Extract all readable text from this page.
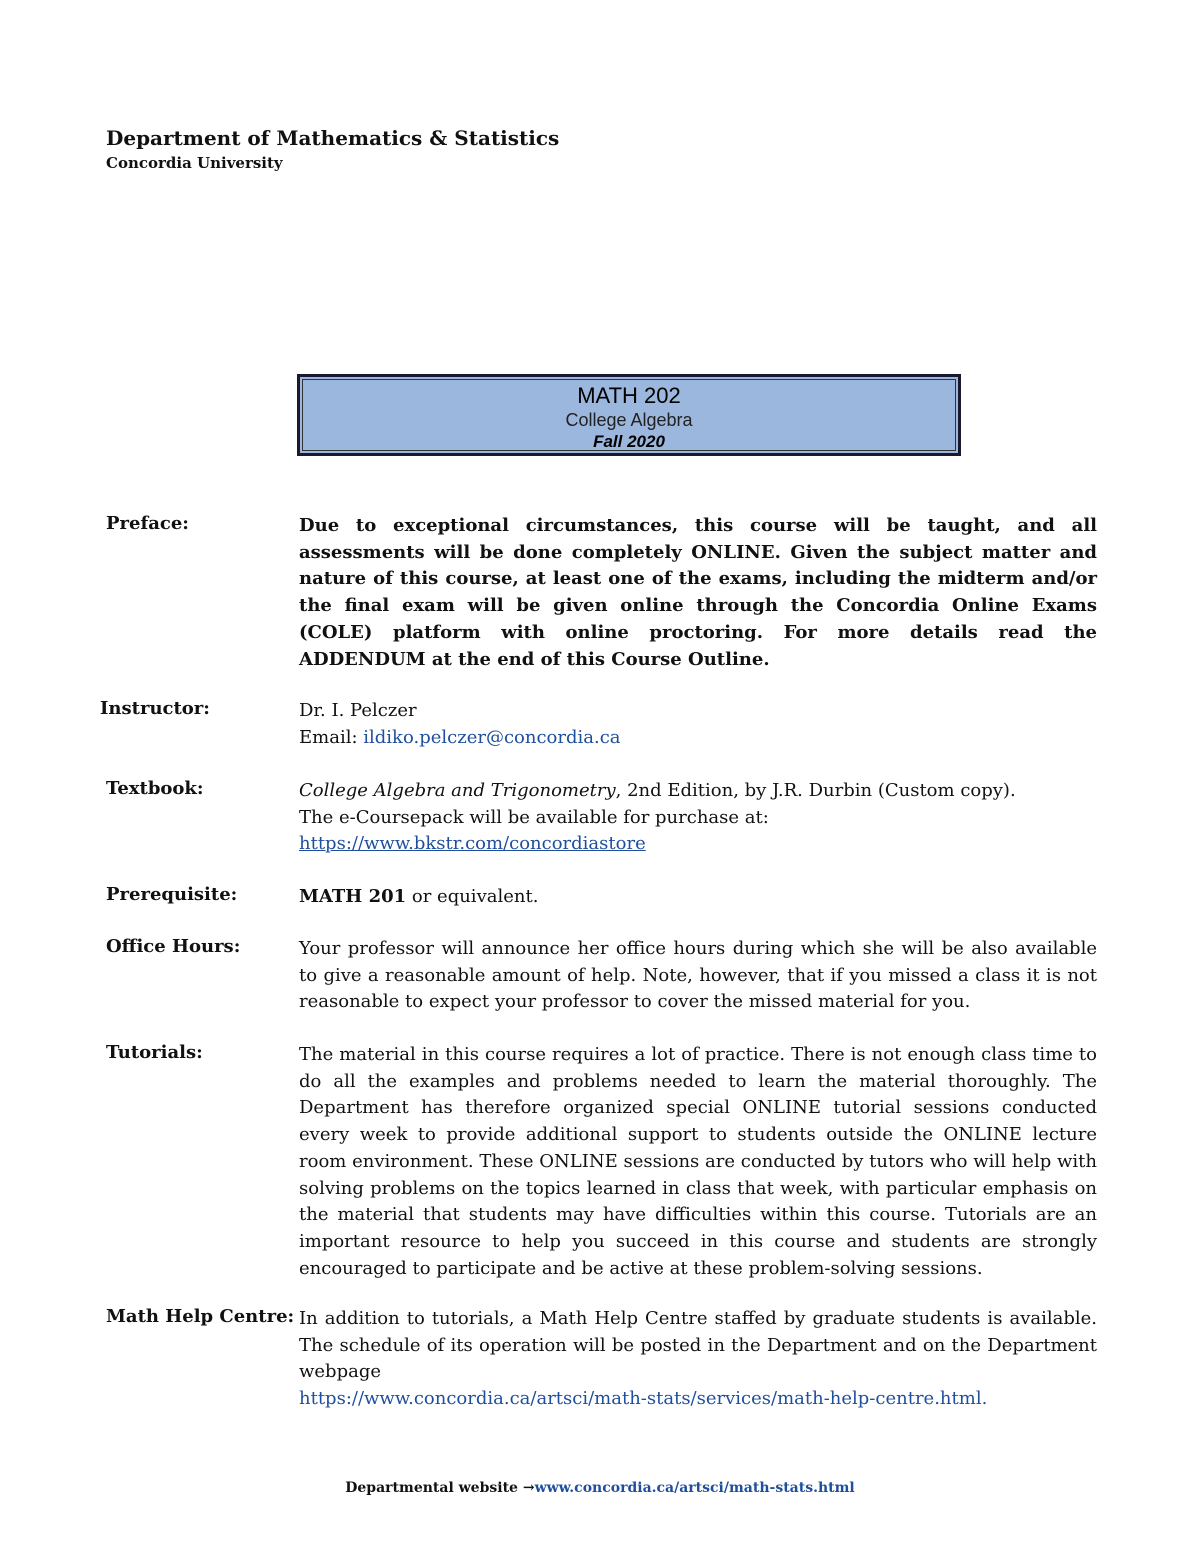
Department of Mathematics & Statistics
Concordia University
MATH 202
College Algebra
Fall 2020
Preface:	Due to exceptional circumstances, this course will be taught, and all assessments will be done completely ONLINE. Given the subject matter and nature of this course, at least one of the exams, including the midterm and/or the final exam will be given online through the Concordia Online Exams (COLE) platform with online proctoring. For more details read the ADDENDUM at the end of this Course Outline.

Instructor:	Dr. I. Pelczer

Email: ildiko.pelczer@concordia.ca

Textbook:	College Algebra and Trigonometry, 2nd Edition, by J.R. Durbin (Custom copy).

The e-Coursepack will be available for purchase at:

https://www.bkstr.com/concordiastore

Prerequisite:	MATH 201 or equivalent.

Office Hours:	Your professor will announce her office hours during which she will be also available to give a reasonable amount of help. Note, however, that if you missed a class it is not reasonable to expect your professor to cover the missed material for you.

Tutorials:	The material in this course requires a lot of practice. There is not enough class time to do all the examples and problems needed to learn the material thoroughly. The Department has therefore organized special ONLINE tutorial sessions conducted every week to provide additional support to students outside the ONLINE lecture room environment. These ONLINE sessions are conducted by tutors who will help with solving problems on the topics learned in class that week, with particular emphasis on the material that students may have difficulties within this course. Tutorials are an important resource to help you succeed in this course and students are strongly encouraged to participate and be active at these problem-solving sessions.

Math Help Centre: In addition to tutorials, a Math Help Centre staffed by graduate students is available. The schedule of its operation will be posted in the Department and on the Department webpage

https://www.concordia.ca/artsci/math-stats/services/math-help-centre.html.

Departmental website →www.concordia.ca/artsci/math-stats.html
